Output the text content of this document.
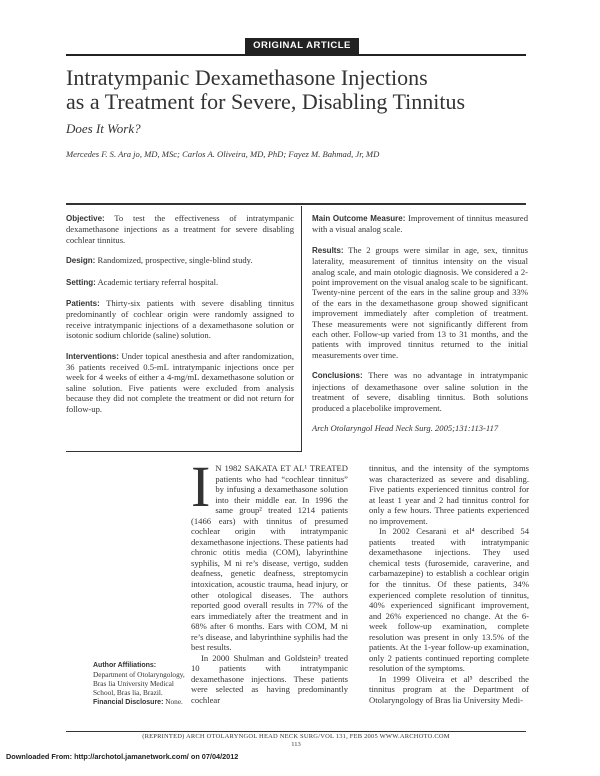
ORIGINAL ARTICLE
Intratympanic Dexamethasone Injections
as a Treatment for Severe, Disabling Tinnitus
Does It Work?
Mercedes F. S. Ara jo, MD, MSc; Carlos A. Oliveira, MD, PhD; Fayez M. Bahmad, Jr, MD

Objective: To test the effectiveness of intratympanic dexamethasone injections as a treatment for severe disabling cochlear tinnitus.

Design: Randomized, prospective, single-blind study.

Setting: Academic tertiary referral hospital.

Patients: Thirty-six patients with severe disabling tinnitus predominantly of cochlear origin were randomly assigned to receive intratympanic injections of a dexamethasone solution or isotonic sodium chloride (saline) solution.

Interventions: Under topical anesthesia and after randomization, 36 patients received 0.5-mL intratympanic injections once per week for 4 weeks of either a 4-mg/mL dexamethasone solution or saline solution. Five patients were excluded from analysis because they did not complete the treatment or did not return for follow-up.

Main Outcome Measure: Improvement of tinnitus measured with a visual analog scale.

Results: The 2 groups were similar in age, sex, tinnitus laterality, measurement of tinnitus intensity on the visual analog scale, and main otologic diagnosis. We considered a 2-point improvement on the visual analog scale to be significant. Twenty-nine percent of the ears in the saline group and 33% of the ears in the dexamethasone group showed significant improvement immediately after completion of treatment. These measurements were not significantly different from each other. Follow-up varied from 13 to 31 months, and the patients with improved tinnitus returned to the initial measurements over time.

Conclusions: There was no advantage in intratympanic injections of dexamethasone over saline solution in the treatment of severe, disabling tinnitus. Both solutions produced a placebolike improvement.

Arch Otolaryngol Head Neck Surg. 2005;131:113-117

I N 1982 SAKATA ET AL¹ TREATED patients who had “cochlear tinnitus” by infusing a dexamethasone solution into their middle ear. In 1996 the same group² treated 1214 patients (1466 ears) with tinnitus of presumed cochlear origin with intratympanic dexamethasone injections. These patients had chronic otitis media (COM), labyrinthine syphilis, M ni re’s disease, vertigo, sudden deafness, genetic deafness, streptomycin intoxication, acoustic trauma, head injury, or other otological diseases. The authors reported good overall results in 77% of the ears immediately after the treatment and in 68% after 6 months. Ears with COM, M ni re’s disease, and labyrinthine syphilis had the best results.

In 2000 Shulman and Goldstein³ treated 10 patients with intratympanic dexamethasone injections. These patients were selected as having predominantly cochlear

tinnitus, and the intensity of the symptoms was characterized as severe and disabling. Five patients experienced tinnitus control for at least 1 year and 2 had tinnitus control for only a few hours. Three patients experienced no improvement.

In 2002 Cesarani et al⁴ described 54 patients treated with intratympanic dexamethasone injections. They used chemical tests (furosemide, caraverine, and carbamazepine) to establish a cochlear origin for the tinnitus. Of these patients, 34% experienced complete resolution of tinnitus, 40% experienced significant improvement, and 26% experienced no change. At the 6-week follow-up examination, complete resolution was present in only 13.5% of the patients. At the 1-year follow-up examination, only 2 patients continued reporting complete resolution of the symptoms.

In 1999 Oliveira et al⁵ described the tinnitus program at the Department of Otolaryngology of Bras lia University Medi-

Author Affiliations:
Department of Otolaryngology, Bras lia University Medical School, Bras lia, Brazil.
Financial Disclosure: None.
(REPRINTED) ARCH OTOLARYNGOL HEAD NECK SURG/VOL 131, FEB 2005 WWW.ARCHOTO.COM
113
Downloaded From: http://archotol.jamanetwork.com/ on 07/04/2012
